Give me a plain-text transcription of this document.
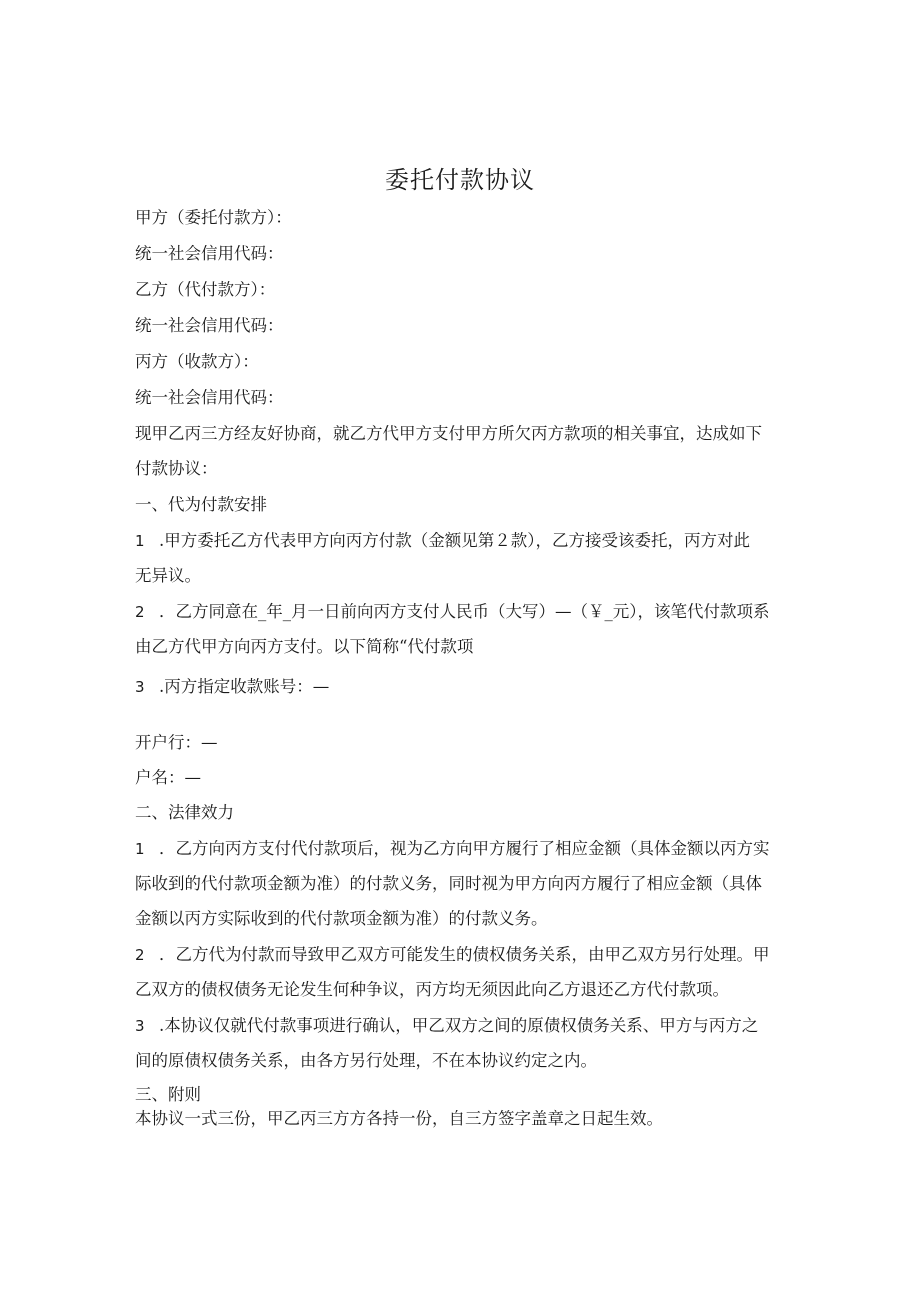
委托付款协议
甲方（委托付款方）：
统一社会信用代码：
乙方（代付款方）：
统一社会信用代码：
丙方（收款方）：
统一社会信用代码：
现甲乙丙三方经友好协商，就乙方代甲方支付甲方所欠丙方款项的相关事宜，达成如下
付款协议：
一、代为付款安排
1 .甲方委托乙方代表甲方向丙方付款（金额见第２款），乙方接受该委托，丙方对此
无异议。
2 ．乙方同意在_年_月一日前向丙方支付人民币（大写）—（￥_元），该笔代付款项系
由乙方代甲方向丙方支付。以下简称“代付款项
3 .丙方指定收款账号：—
开户行：—
户名：—
二、法律效力
1 ．乙方向丙方支付代付款项后，视为乙方向甲方履行了相应金额（具体金额以丙方实
际收到的代付款项金额为准）的付款义务，同时视为甲方向丙方履行了相应金额（具体
金额以丙方实际收到的代付款项金额为准）的付款义务。
2 ．乙方代为付款而导致甲乙双方可能发生的债权债务关系，由甲乙双方另行处理。甲
乙双方的债权债务无论发生何种争议，丙方均无须因此向乙方退还乙方代付款项。
3 .本协议仅就代付款事项进行确认，甲乙双方之间的原债权债务关系、甲方与丙方之
间的原债权债务关系，由各方另行处理，不在本协议约定之内。
三、附则
本协议一式三份，甲乙丙三方方各持一份，自三方签字盖章之日起生效。
